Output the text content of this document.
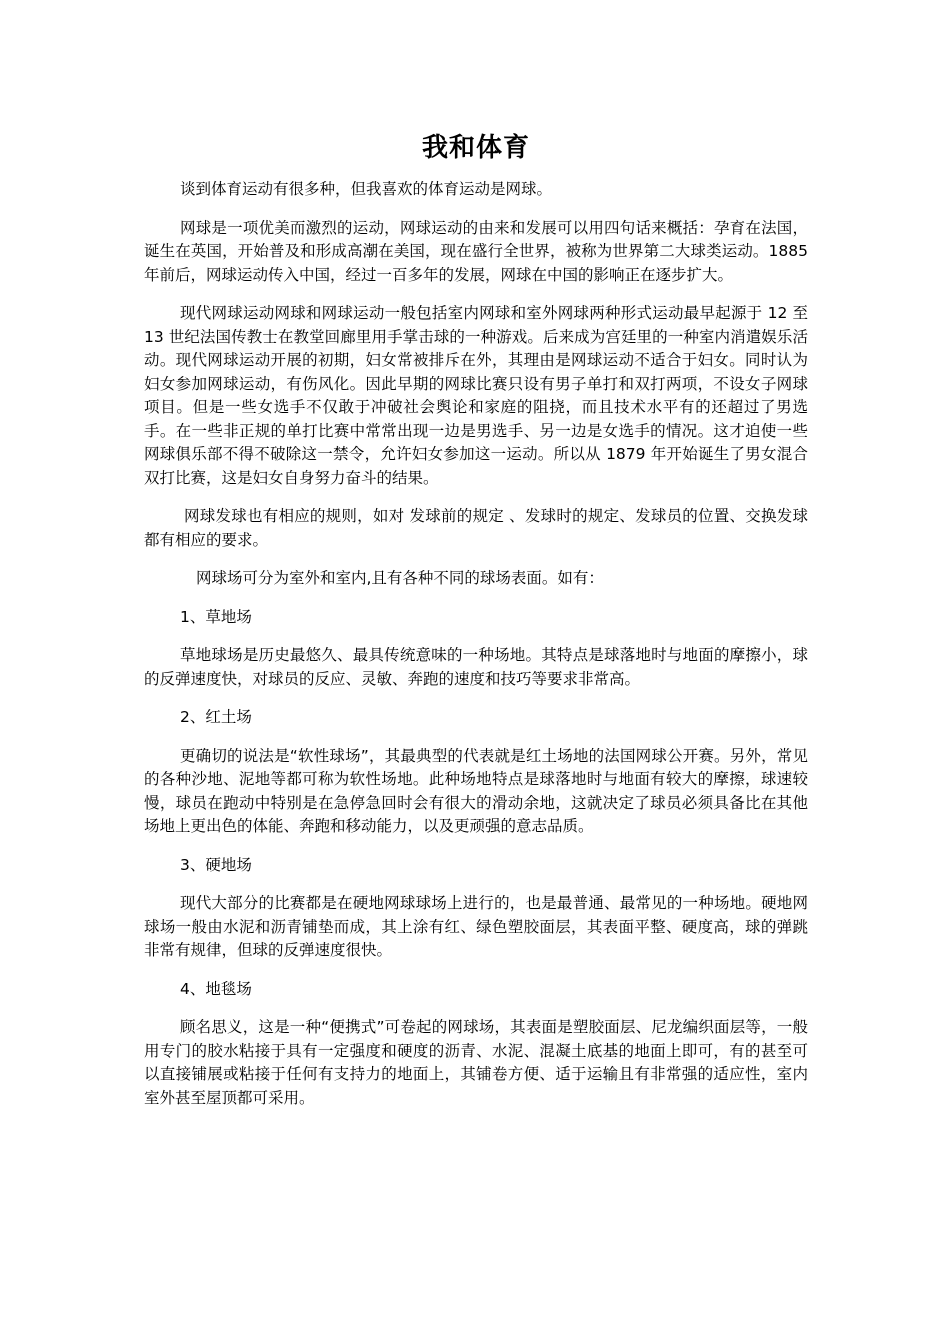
我和体育

谈到体育运动有很多种，但我喜欢的体育运动是网球。

网球是一项优美而激烈的运动，网球运动的由来和发展可以用四句话来概括：孕育在法国，诞生在英国，开始普及和形成高潮在美国，现在盛行全世界，被称为世界第二大球类运动。1885 年前后，网球运动传入中国，经过一百多年的发展，网球在中国的影响正在逐步扩大。

现代网球运动网球和网球运动一般包括室内网球和室外网球两种形式运动最早起源于 12 至 13 世纪法国传教士在教堂回廊里用手掌击球的一种游戏。后来成为宫廷里的一种室内消遣娱乐活动。现代网球运动开展的初期，妇女常被排斥在外，其理由是网球运动不适合于妇女。同时认为妇女参加网球运动，有伤风化。因此早期的网球比赛只设有男子单打和双打两项，不设女子网球项目。但是一些女选手不仅敢于冲破社会舆论和家庭的阻挠，而且技术水平有的还超过了男选手。在一些非正规的单打比赛中常常出现一边是男选手、另一边是女选手的情况。这才迫使一些网球俱乐部不得不破除这一禁令，允许妇女参加这一运动。所以从 1879 年开始诞生了男女混合双打比赛，这是妇女自身努力奋斗的结果。

网球发球也有相应的规则，如对 发球前的规定 、发球时的规定、发球员的位置、交换发球都有相应的要求。

网球场可分为室外和室内,且有各种不同的球场表面。如有：

1、草地场

草地球场是历史最悠久、最具传统意味的一种场地。其特点是球落地时与地面的摩擦小，球的反弹速度快，对球员的反应、灵敏、奔跑的速度和技巧等要求非常高。

2、红土场

更确切的说法是“软性球场”，其最典型的代表就是红土场地的法国网球公开赛。另外，常见的各种沙地、泥地等都可称为软性场地。此种场地特点是球落地时与地面有较大的摩擦，球速较慢，球员在跑动中特别是在急停急回时会有很大的滑动余地，这就决定了球员必须具备比在其他场地上更出色的体能、奔跑和移动能力，以及更顽强的意志品质。

3、硬地场

现代大部分的比赛都是在硬地网球球场上进行的，也是最普通、最常见的一种场地。硬地网球场一般由水泥和沥青铺垫而成，其上涂有红、绿色塑胶面层，其表面平整、硬度高，球的弹跳非常有规律，但球的反弹速度很快。

4、地毯场

顾名思义，这是一种“便携式”可卷起的网球场，其表面是塑胶面层、尼龙编织面层等，一般用专门的胶水粘接于具有一定强度和硬度的沥青、水泥、混凝土底基的地面上即可，有的甚至可以直接铺展或粘接于任何有支持力的地面上，其铺卷方便、适于运输且有非常强的适应性，室内室外甚至屋顶都可采用。
